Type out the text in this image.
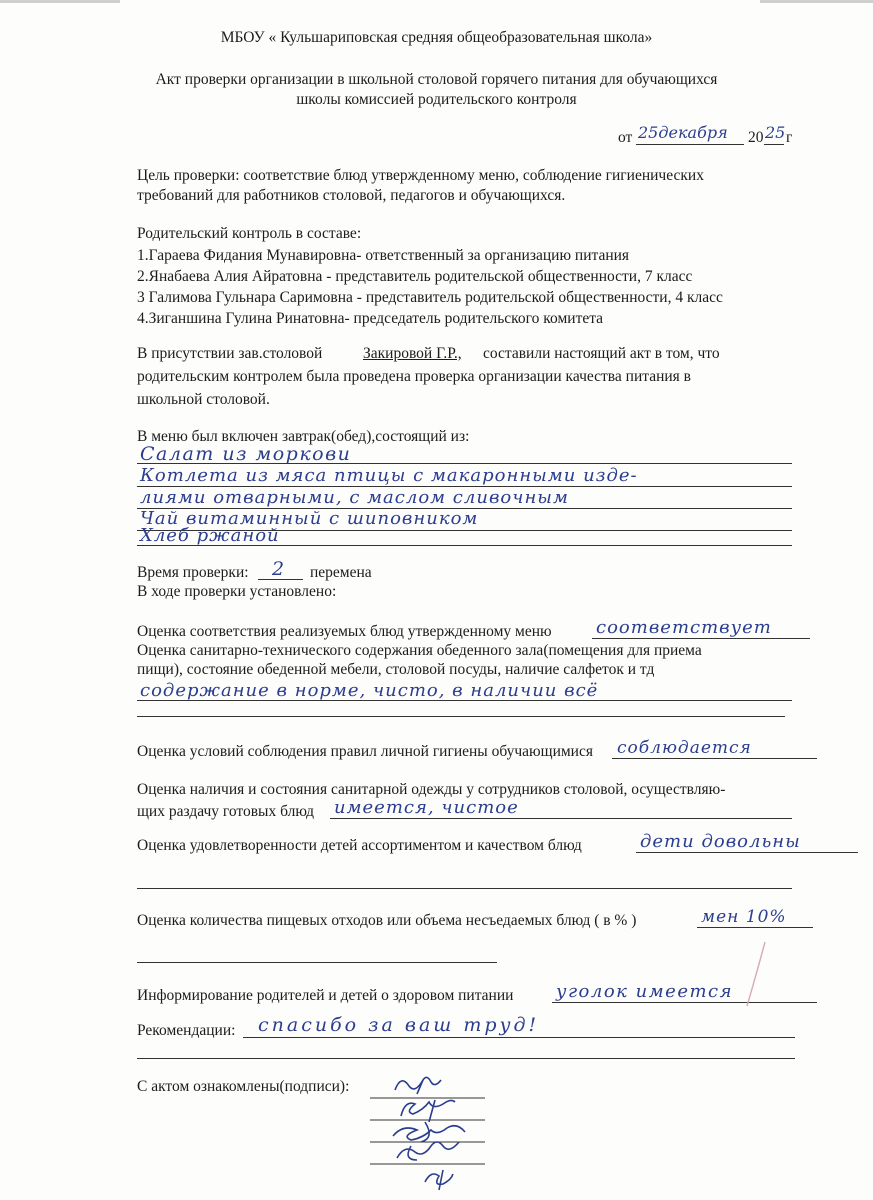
МБОУ « Кульшариповская средняя общеобразовательная школа»
Акт проверки организации в школьной столовой горячего питания для обучающихся
школы комиссией родительского контроля
от 25декабря 20 25 г
Цель проверки: соответствие блюд утвержденному меню, соблюдение гигиенических
требований для работников столовой, педагогов и обучающихся.
Родительский контроль в составе:
1.Гараева Фидания Мунавировна- ответственный за организацию питания
2.Янабаева Алия Айратовна - представитель родительской общественности, 7 класс
3 Галимова Гульнара Саримовна - представитель родительской общественности, 4 класс
4.Зиганшина Гулина Ринатовна- председатель родительского комитета
В присутствии зав.столовой	Закировой Г.Р., составили настоящий акт в том, что
родительским контролем была проведена проверка организации качества питания в
школьной столовой.
В меню был включен завтрак(обед),состоящий из:
Салат из моркови
Котлета из мяса птицы с макаронными изде-
лиями отварными, с маслом сливочным
Чай витаминный с шиповником
Хлеб ржаной
Время проверки: 2 перемена
В ходе проверки установлено:
Оценка соответствия реализуемых блюд утвержденному меню соответствует
Оценка санитарно-технического содержания обеденного зала(помещения для приема
пищи), состояние обеденной мебели, столовой посуды, наличие салфеток и тд
содержание в норме, чисто, в наличии всё
Оценка условий соблюдения правил личной гигиены обучающимися соблюдается
Оценка наличия и состояния санитарной одежды у сотрудников столовой, осуществляю-
щих раздачу готовых блюд имеется, чистое
Оценка удовлетворенности детей ассортиментом и качеством блюд	дети довольны
Оценка количества пищевых отходов или объема несъедаемых блюд ( в % )	мен 10%
Информирование родителей и детей о здоровом питании уголок имеется
Рекомендации: спасибо за ваш труд!
С актом ознакомлены(подписи):
